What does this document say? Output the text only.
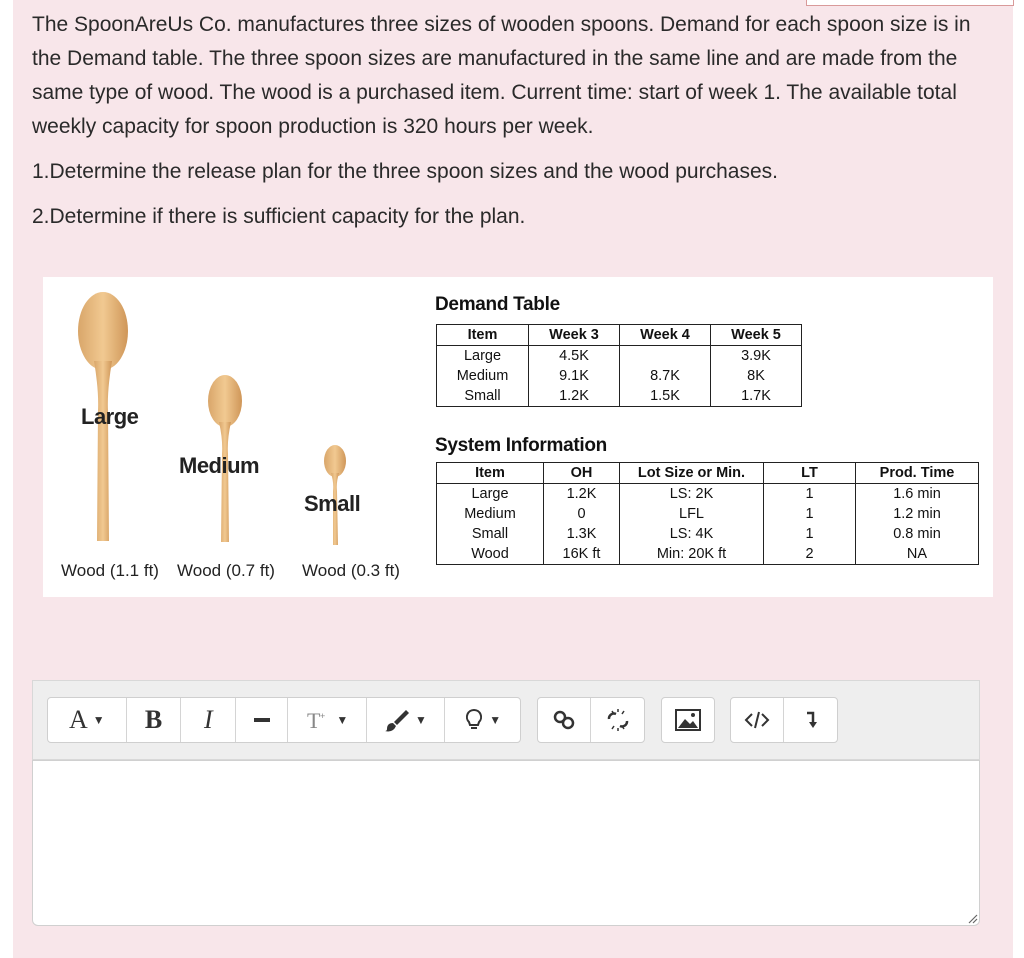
The SpoonAreUs Co. manufactures three sizes of wooden spoons. Demand for each spoon size is in the Demand table. The three spoon sizes are manufactured in the same line and are made from the same type of wood. The wood is a purchased item. Current time: start of week 1. The available total weekly capacity for spoon production is 320 hours per week.

1.Determine the release plan for the three spoon sizes and the wood purchases.

2.Determine if there is sufficient capacity for the plan.

Large
Medium
Small
Wood (1.1 ft) Wood (0.7 ft) Wood (0.3 ft)
Demand Table
Item	Week 3	Week 4	Week 5
Large	4.5K		3.9K
Medium	9.1K	8.7K	8K
Small	1.2K	1.5K	1.7K
System Information
Item	OH	Lot Size or Min.	LT	Prod. Time
Large	1.2K	LS: 2K	1	1.6 min
Medium	0	LFL	1	1.2 min
Small	1.3K	LS: 4K	1	0.8 min
Wood	16K ft	Min: 20K ft	2	NA
A ▼ B I	T + ▼	▼	▼
